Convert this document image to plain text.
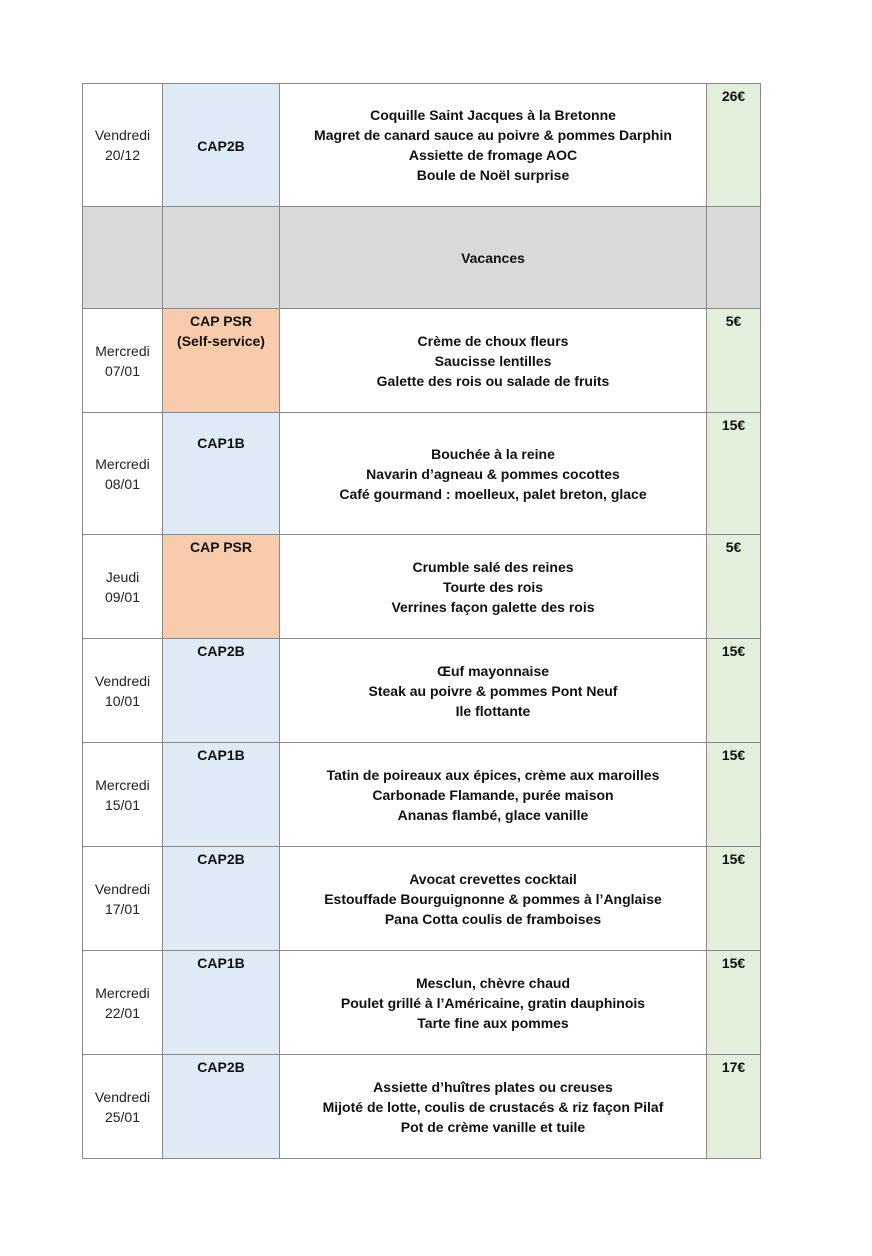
Vendredi
20/12	CAP2B	Coquille Saint Jacques à la Bretonne
Magret de canard sauce au poivre & pommes Darphin
Assiette de fromage AOC
Boule de Noël surprise	26€
		Vacances	

Mercredi
07/01	CAP PSR
(Self-service)	Crème de choux fleurs
Saucisse lentilles
Galette des rois ou salade de fruits	5€

Mercredi
08/01	CAP1B	Bouchée à la reine
Navarin d’agneau & pommes cocottes
Café gourmand : moelleux, palet breton, glace	15€

Jeudi
09/01	CAP PSR	Crumble salé des reines
Tourte des rois
Verrines façon galette des rois	5€

Vendredi
10/01	CAP2B	Œuf mayonnaise
Steak au poivre & pommes Pont Neuf
Ile flottante	15€

Mercredi
15/01	CAP1B	Tatin de poireaux aux épices, crème aux maroilles
Carbonade Flamande, purée maison
Ananas flambé, glace vanille	15€

Vendredi
17/01	CAP2B	Avocat crevettes cocktail
Estouffade Bourguignonne & pommes à l’Anglaise
Pana Cotta coulis de framboises	15€

Mercredi
22/01	CAP1B	Mesclun, chèvre chaud
Poulet grillé à l’Américaine, gratin dauphinois
Tarte fine aux pommes	15€

Vendredi
25/01	CAP2B	Assiette d’huîtres plates ou creuses
Mijoté de lotte, coulis de crustacés & riz façon Pilaf
Pot de crème vanille et tuile	17€
